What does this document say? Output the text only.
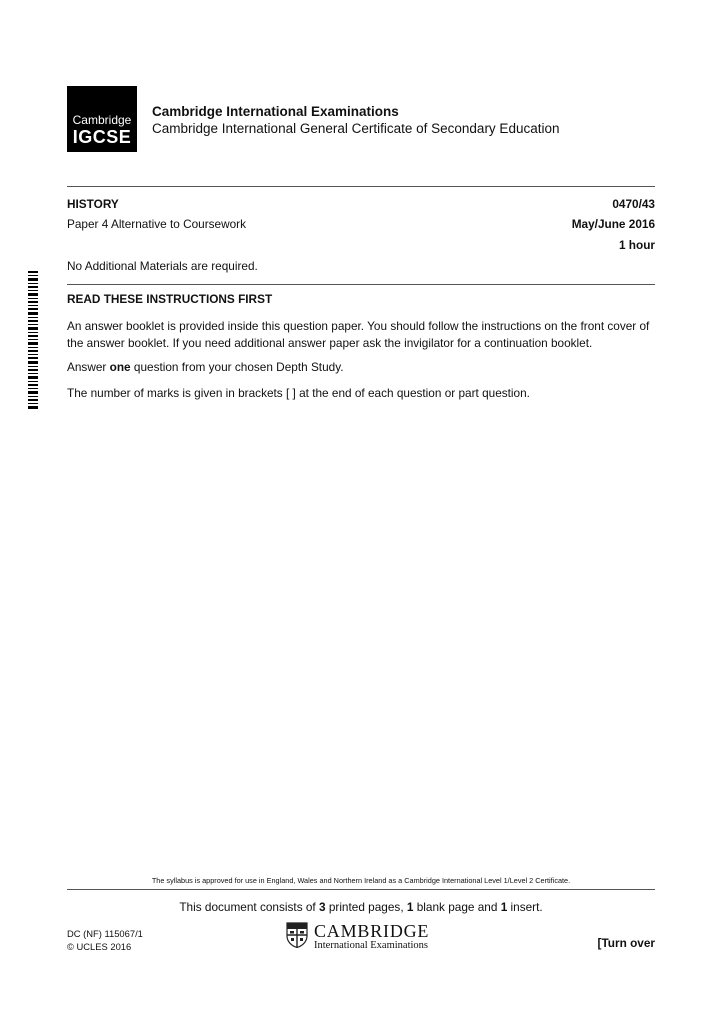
Cambridge
IGCSE
Cambridge International Examinations
Cambridge International General Certificate of Secondary Education
HISTORY	0470/43
Paper 4 Alternative to Coursework	May/June 2016
1 hour
No Additional Materials are required.
READ THESE INSTRUCTIONS FIRST
An answer booklet is provided inside this question paper. You should follow the instructions on the front cover of the answer booklet. If you need additional answer paper ask the invigilator for a continuation booklet.
Answer one question from your chosen Depth Study.
The number of marks is given in brackets [ ] at the end of each question or part question.
The syllabus is approved for use in England, Wales and Northern Ireland as a Cambridge International Level 1/Level 2 Certificate.
This document consists of 3 printed pages, 1 blank page and 1 insert.
DC (NF) 115067/1
© UCLES 2016
CAMBRIDGE
International Examinations	[Turn over
